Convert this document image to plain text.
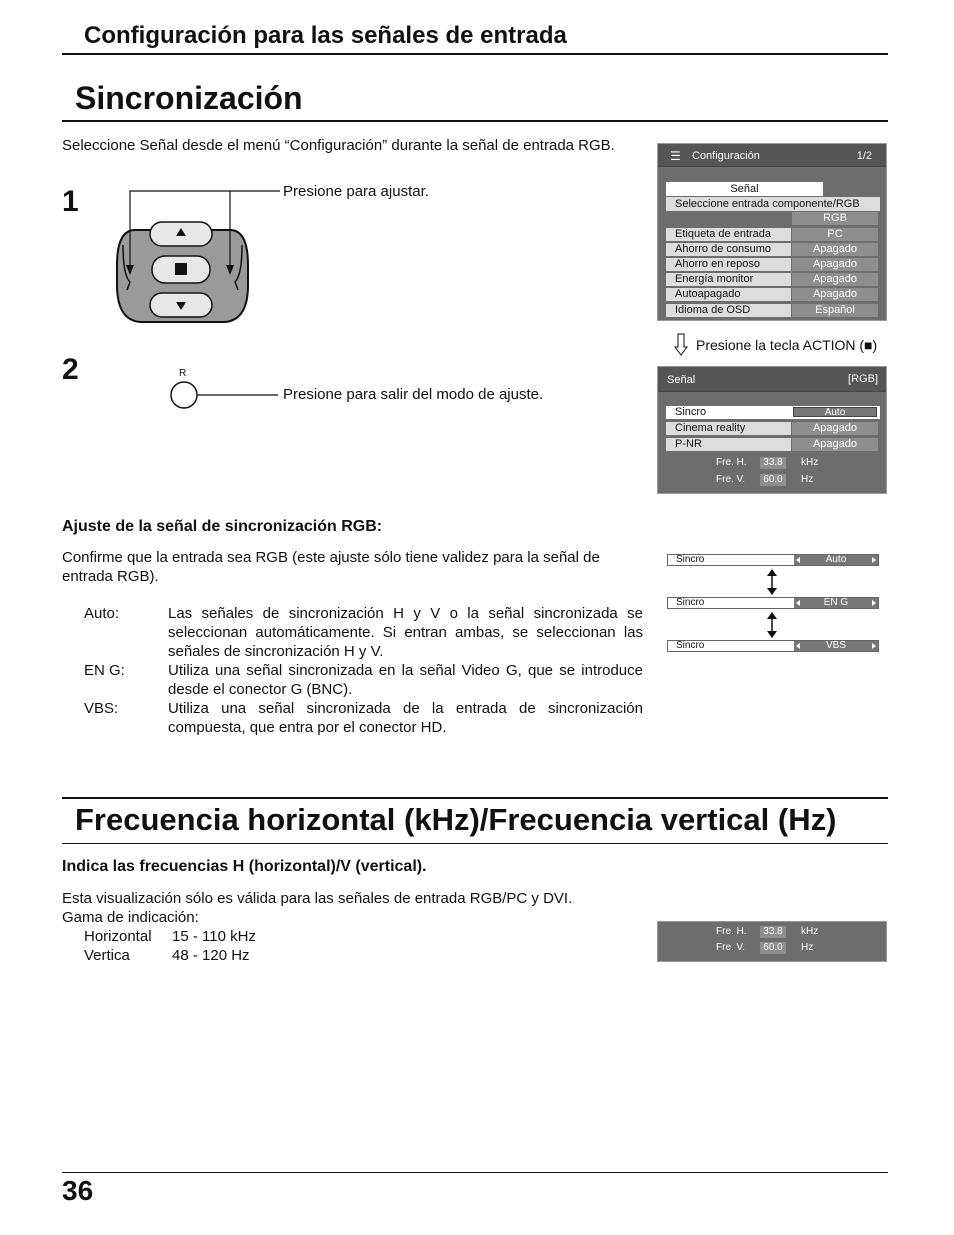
Configuración para las señales de entrada
Sincronización
Seleccione Señal desde el menú “Configuración” durante la señal de entrada RGB.
1	Presione para ajustar.
2	R
Presione para salir del modo de ajuste.
☰ Configuración	1/2
Señal
Seleccione entrada componente/RGB
RGB
Etiqueta de entrada	PC
Ahorro de consumo	Apagado
Ahorro en reposo	Apagado
Energía monitor	Apagado
Autoapagado	Apagado
Idioma de OSD	Español
Presione la tecla ACTION (■)
Señal	[RGB]
Sincro	Auto
Cinema reality	Apagado
P-NR	Apagado
Fre. H.	33.8	kHz
Fre. V.	60.0	Hz
Ajuste de la señal de sincronización RGB:
Confirme que la entrada sea RGB (este ajuste sólo tiene validez para la señal de entrada RGB).
Auto:	Las señales de sincronización H y V o la señal sincronizada se seleccionan automáticamente. Si entran ambas, se seleccionan las señales de sincronización H y V.
EN G:	Utiliza una señal sincronizada en la señal Video G, que se introduce desde el conector G (BNC).
VBS:	Utiliza una señal sincronizada de la entrada de sincronización compuesta, que entra por el conector HD.
Sincro	Auto
Sincro	EN G
Sincro	VBS
Frecuencia horizontal (kHz)/Frecuencia vertical (Hz)
Indica las frecuencias H (horizontal)/V (vertical).
Esta visualización sólo es válida para las señales de entrada RGB/PC y DVI.
Gama de indicación:
Horizontal 15 - 110 kHz
Vertica	48 - 120 Hz
Fre. H.	33.8	kHz
Fre. V.	60.0	Hz
36
